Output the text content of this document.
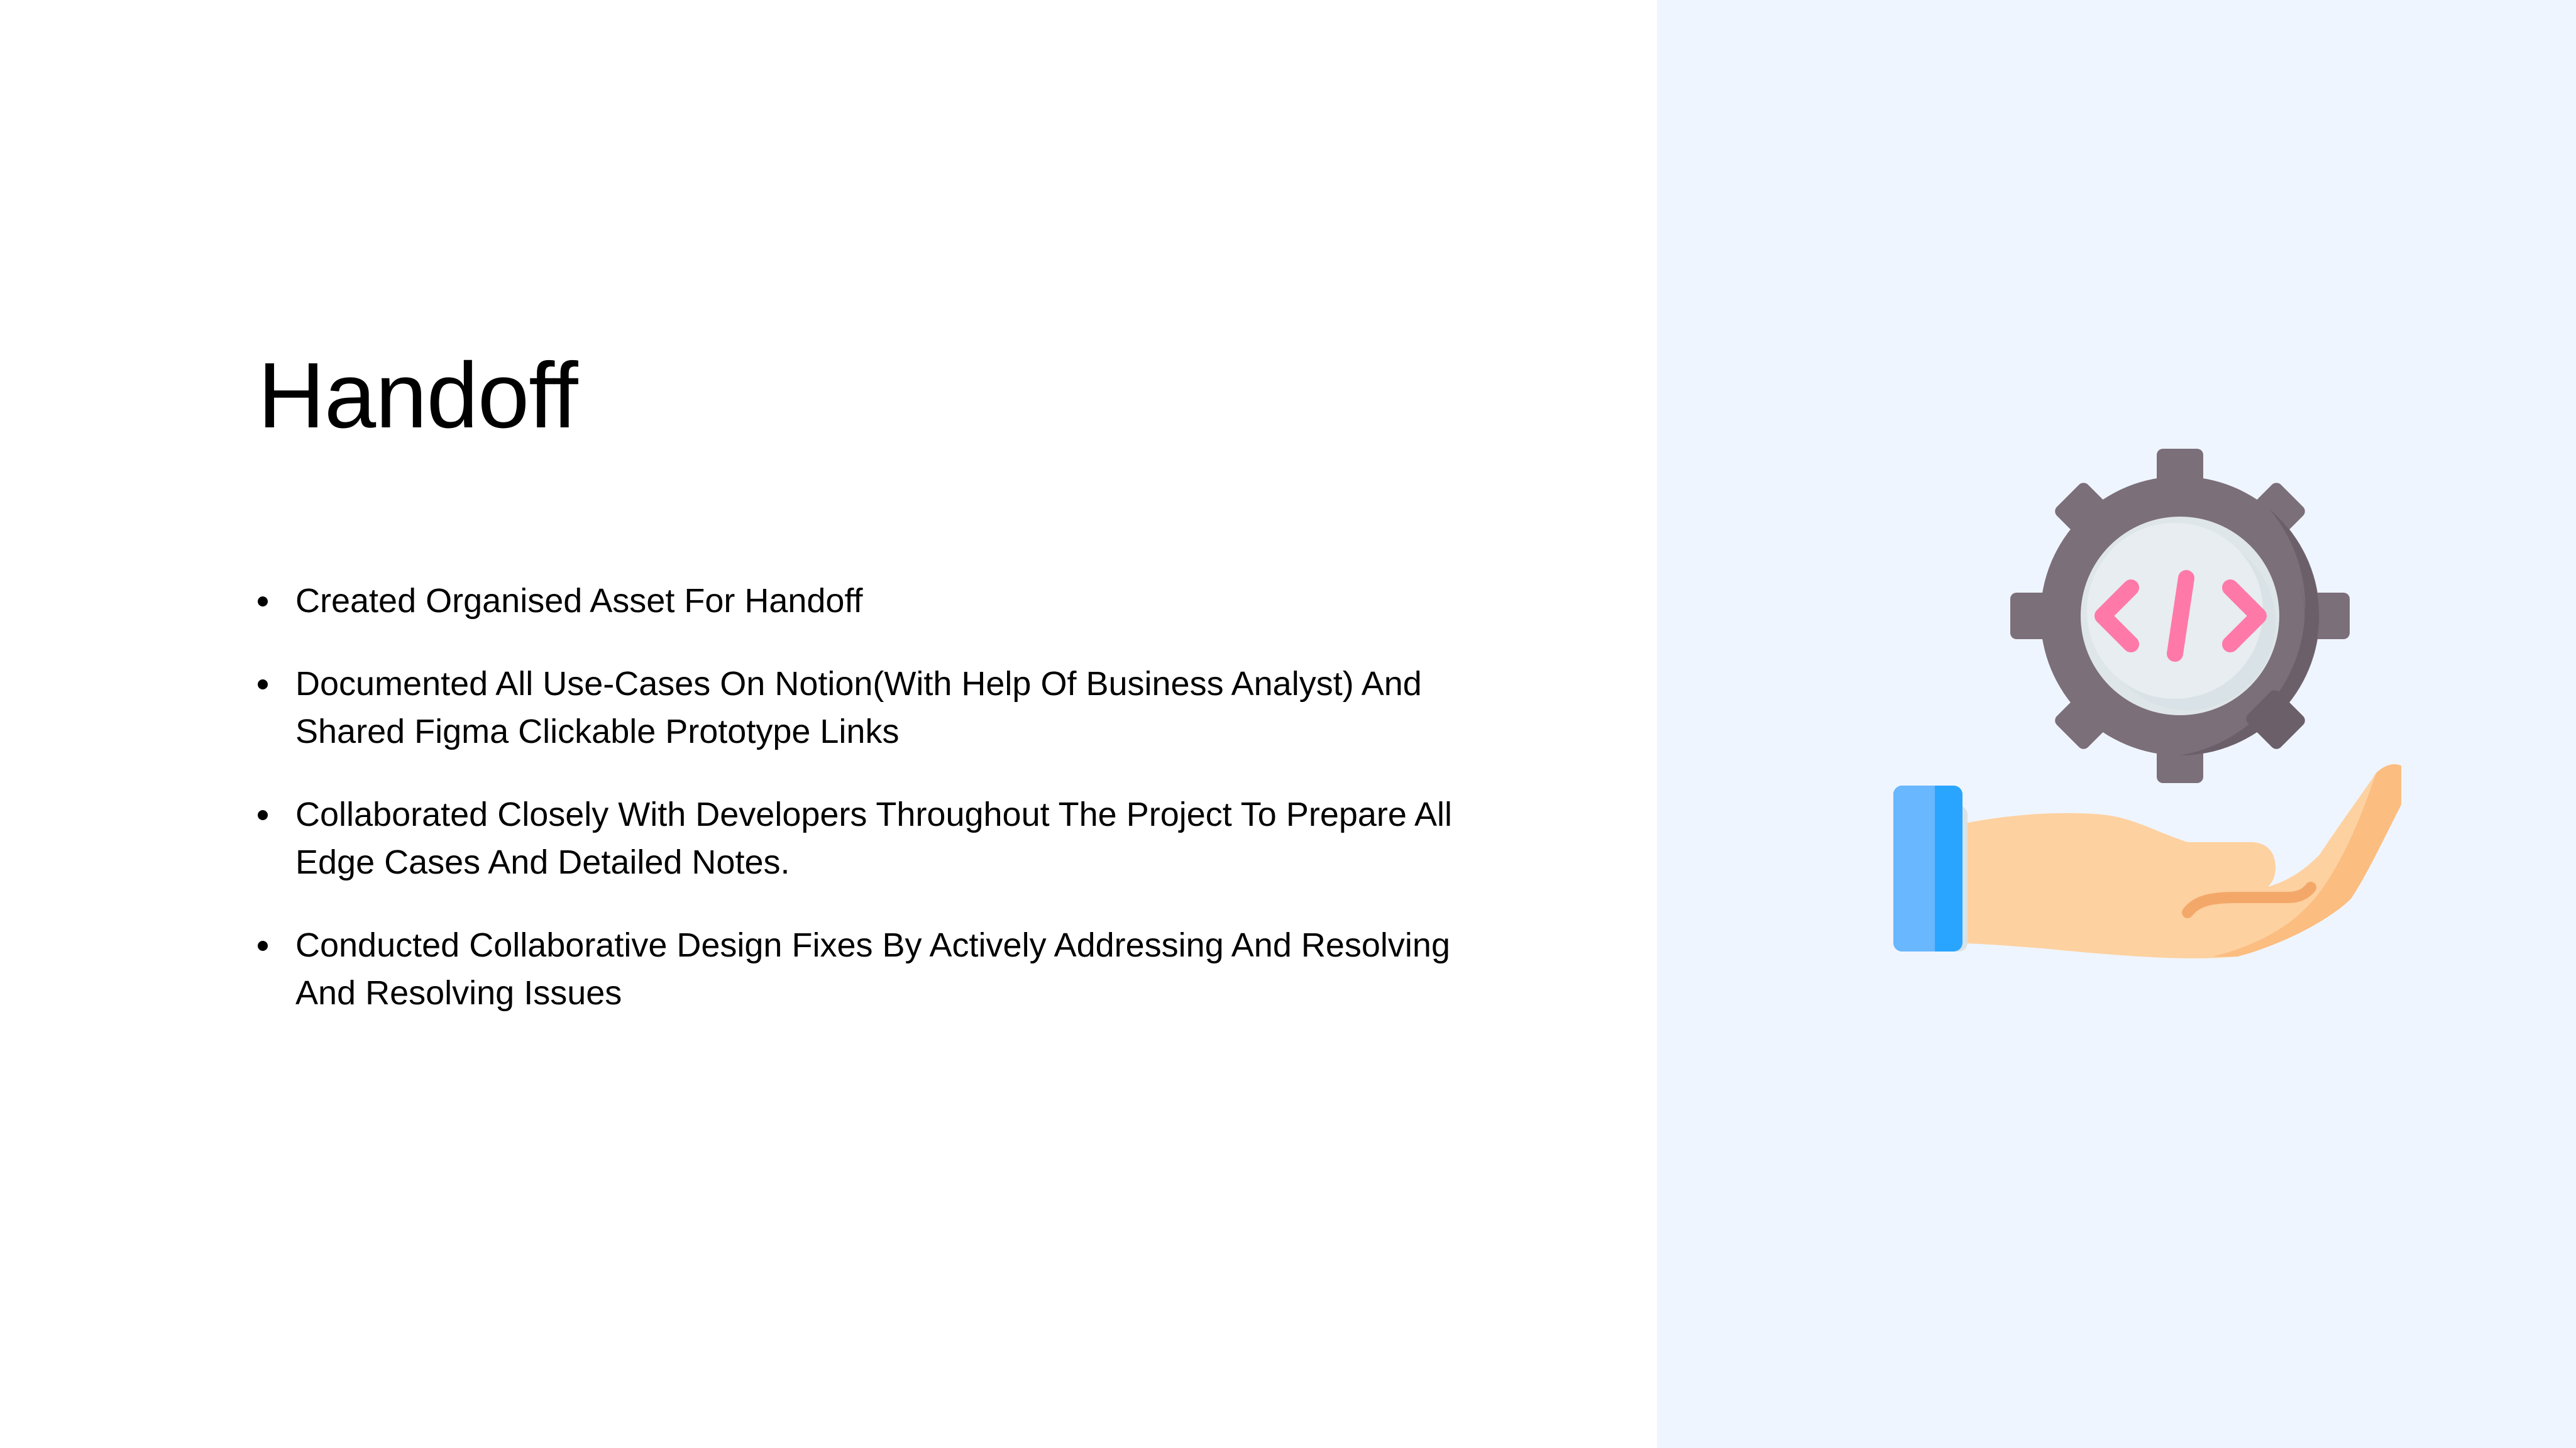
Handoff
Created Organised Asset For Handoff
Documented All Use-Cases On Notion(With Help Of Business Analyst) And Shared Figma Clickable Prototype Links
Collaborated Closely With Developers Throughout The Project To Prepare All Edge Cases And Detailed Notes.
Conducted Collaborative Design Fixes By Actively Addressing And Resolving And Resolving Issues
